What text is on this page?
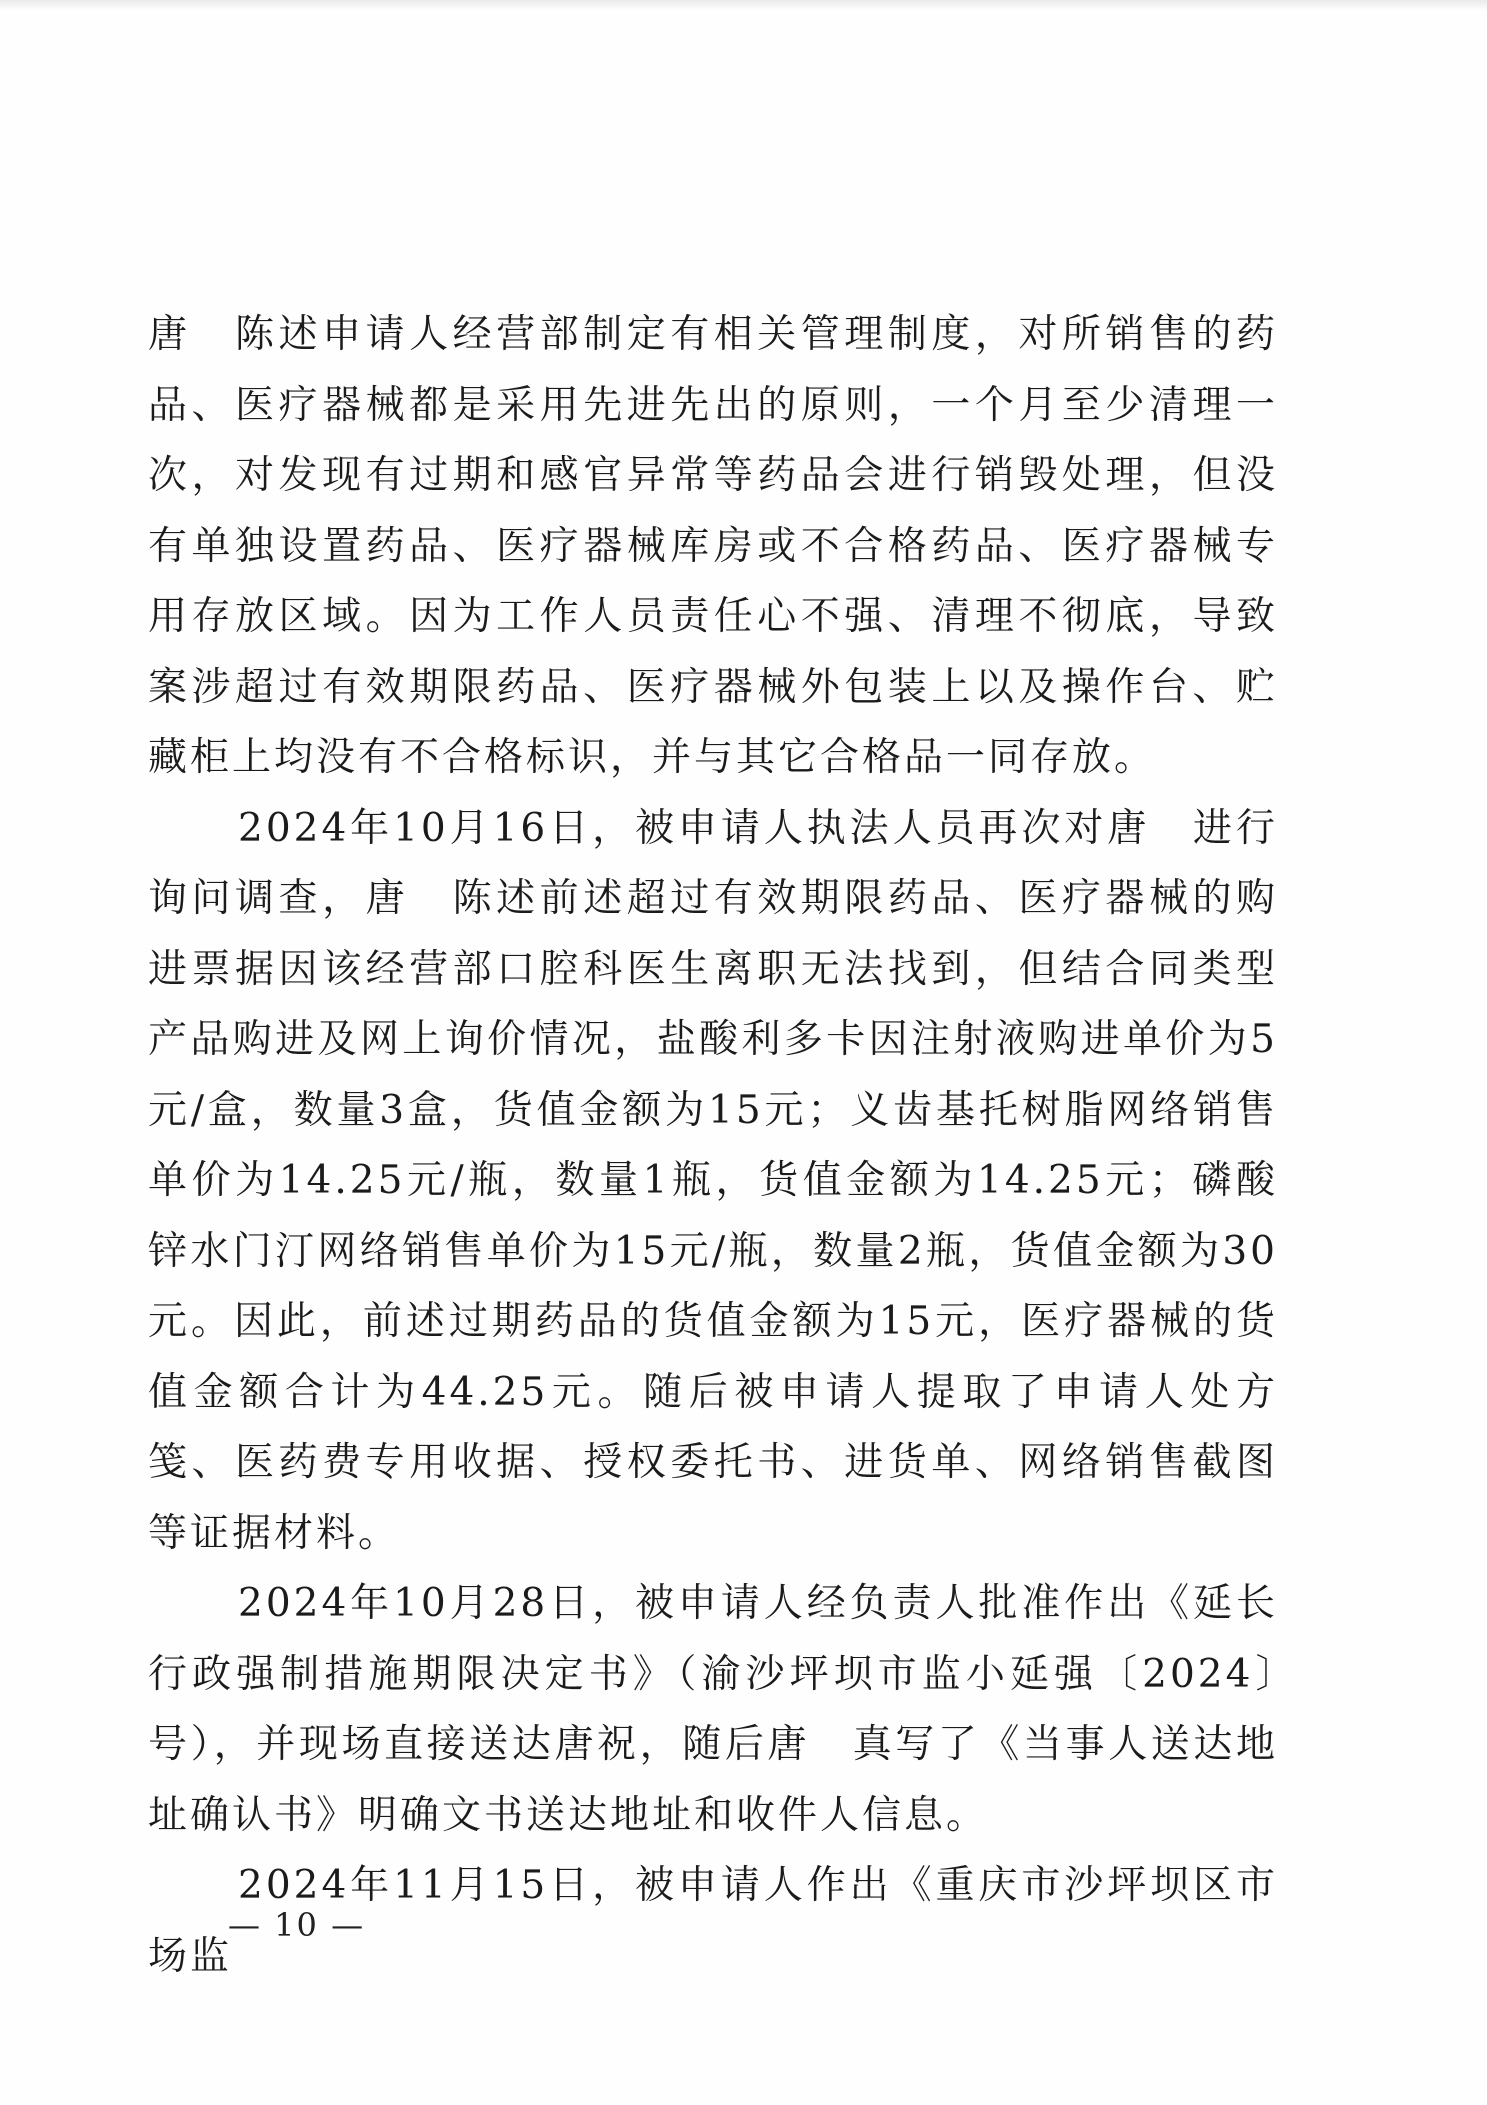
唐　陈述申请人经营部制定有相关管理制度，对所销售的药品、医疗器械都是采用先进先出的原则，一个月至少清理一次，对发现有过期和感官异常等药品会进行销毁处理，但没有单独设置药品、医疗器械库房或不合格药品、医疗器械专用存放区域。因为工作人员责任心不强、清理不彻底，导致案涉超过有效期限药品、医疗器械外包装上以及操作台、贮藏柜上均没有不合格标识，并与其它合格品一同存放。

2024年10月16日，被申请人执法人员再次对唐　进行询问调查，唐　陈述前述超过有效期限药品、医疗器械的购进票据因该经营部口腔科医生离职无法找到，但结合同类型产品购进及网上询价情况，盐酸利多卡因注射液购进单价为5元/盒，数量3盒，货值金额为15元；义齿基托树脂网络销售单价为14.25元/瓶，数量1瓶，货值金额为14.25元；磷酸锌水门汀网络销售单价为15元/瓶，数量2瓶，货值金额为30元。因此，前述过期药品的货值金额为15元，医疗器械的货值金额合计为44.25元。随后被申请人提取了申请人处方笺、医药费专用收据、授权委托书、进货单、网络销售截图等证据材料。

2024年10月28日，被申请人经负责人批准作出《延长行政强制措施期限决定书》（渝沙坪坝市监小延强〔2024〕　　号），并现场直接送达唐祝，随后唐　真写了《当事人送达地址确认书》明确文书送达地址和收件人信息。

2024年11月15日，被申请人作出《重庆市沙坪坝区市场监

— 10 —
